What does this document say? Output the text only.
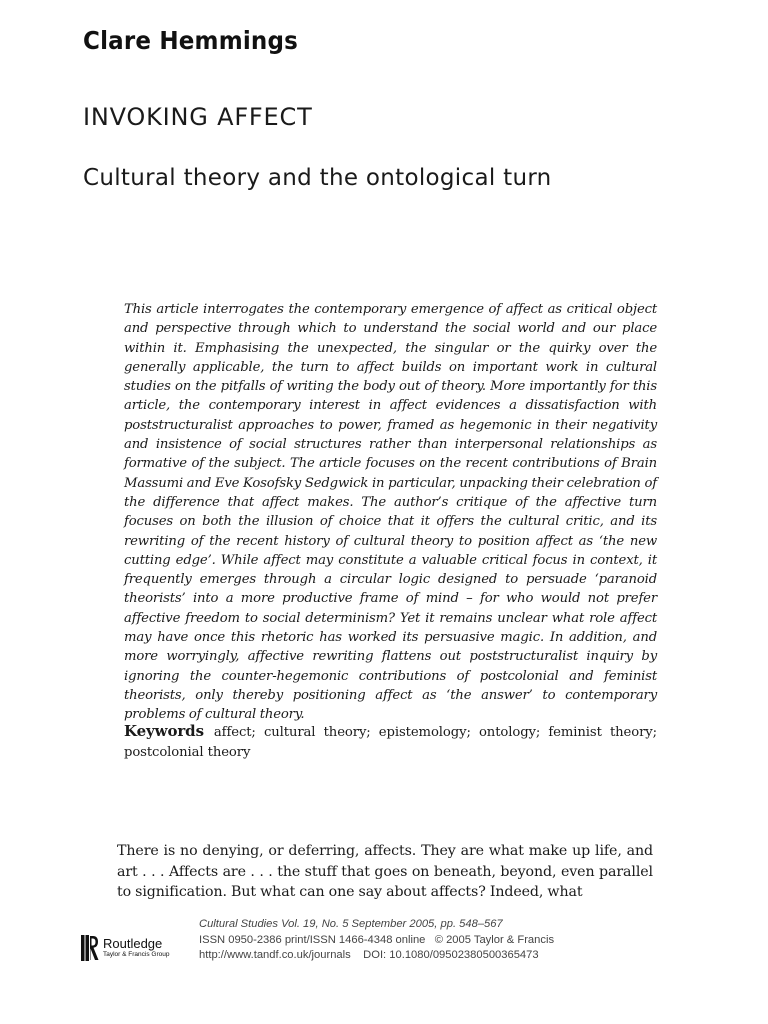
Clare Hemmings
INVOKING AFFECT
Cultural theory and the ontological turn

This article interrogates the contemporary emergence of affect as critical object and perspective through which to understand the social world and our place within it. Emphasising the unexpected, the singular or the quirky over the generally applicable, the turn to affect builds on important work in cultural studies on the pitfalls of writing the body out of theory. More importantly for this article, the contemporary interest in affect evidences a dissatisfaction with poststructuralist approaches to power, framed as hegemonic in their negativity and insistence of social structures rather than interpersonal relationships as formative of the subject. The article focuses on the recent contributions of Brain Massumi and Eve Kosofsky Sedgwick in particular, unpacking their celebration of the difference that affect makes. The author’s critique of the affective turn focuses on both the illusion of choice that it offers the cultural critic, and its rewriting of the recent history of cultural theory to position affect as ‘the new cutting edge’. While affect may constitute a valuable critical focus in context, it frequently emerges through a circular logic designed to persuade ‘paranoid theorists’ into a more productive frame of mind – for who would not prefer affective freedom to social determinism? Yet it remains unclear what role affect may have once this rhetoric has worked its persuasive magic. In addition, and more worryingly, affective rewriting flattens out poststructuralist inquiry by ignoring the counter-hegemonic contributions of postcolonial and feminist theorists, only thereby positioning affect as ‘the answer’ to contemporary problems of cultural theory.

Keywords affect; cultural theory; epistemology; ontology; feminist theory; postcolonial theory

There is no denying, or deferring, affects. They are what make up life, and art . . . Affects are . . . the stuff that goes on beneath, beyond, even parallel to signification. But what can one say about affects? Indeed, what

Routledge
Taylor & Francis Group
Cultural Studies Vol. 19, No. 5 September 2005, pp. 548–567
ISSN 0950-2386 print/ISSN 1466-4348 online   © 2005 Taylor & Francis
http://www.tandf.co.uk/journals    DOI: 10.1080/09502380500365473
